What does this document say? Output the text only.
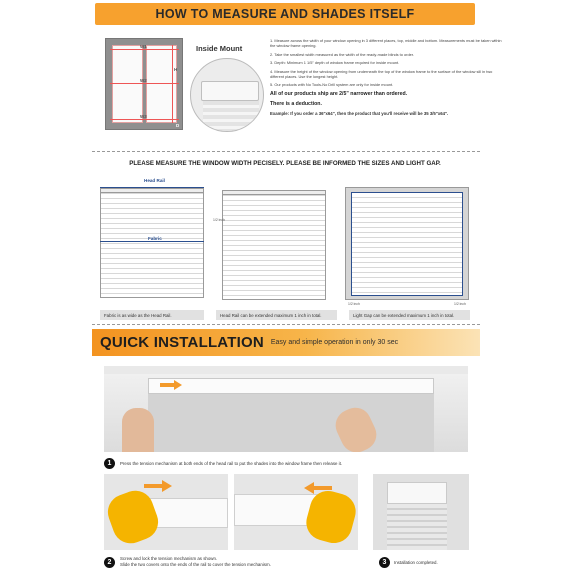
HOW TO MEASURE AND SHADES ITSELF
W1
W2
W3
H
D
Inside Mount

1. Measure across the width of your window opening in 3 different places, top, middle and bottom. Measurements must be taken within the window frame opening.

2. Take the smallest width measured as the width of the ready-made blinds to order.

3. Depth: Minimum 1 1/5" depth of window frame required for inside mount.

4. Measure the height of the window opening from underneath the top of the window frame to the surface of the window sill in two different places. Use the longest height.

5. Our products with No Tools-No Drill system are only for inside mount.

All of our products ship are 2/5" narrower than ordered.

There is a deduction.

Example: If you order a 36"x64", then the product that you'll receive will be 35 3/5"x64".

PLEASE MEASURE THE WINDOW WIDTH PECISELY. PLEASE BE INFORMED THE SIZES AND LIGHT GAP.
Head Rail
Fabric
1/2 inch
1/2 inch	1/2 inch
Fabric is as wide as the Head Rail.	Head Rail can be extended maximum 1 inch in total.	Light Gap can be extended maximum 1 inch in total.
QUICK INSTALLATION Easy and simple operation in only 30 sec
1	Press the tension mechanism at both ends of the head rail to put the shades into the window frame then release it.
2
Screw and lock the tension mechanism as shown.
Slide the two covers onto the ends of the rail to cover the tension mechanism.	3	Installation completed.
